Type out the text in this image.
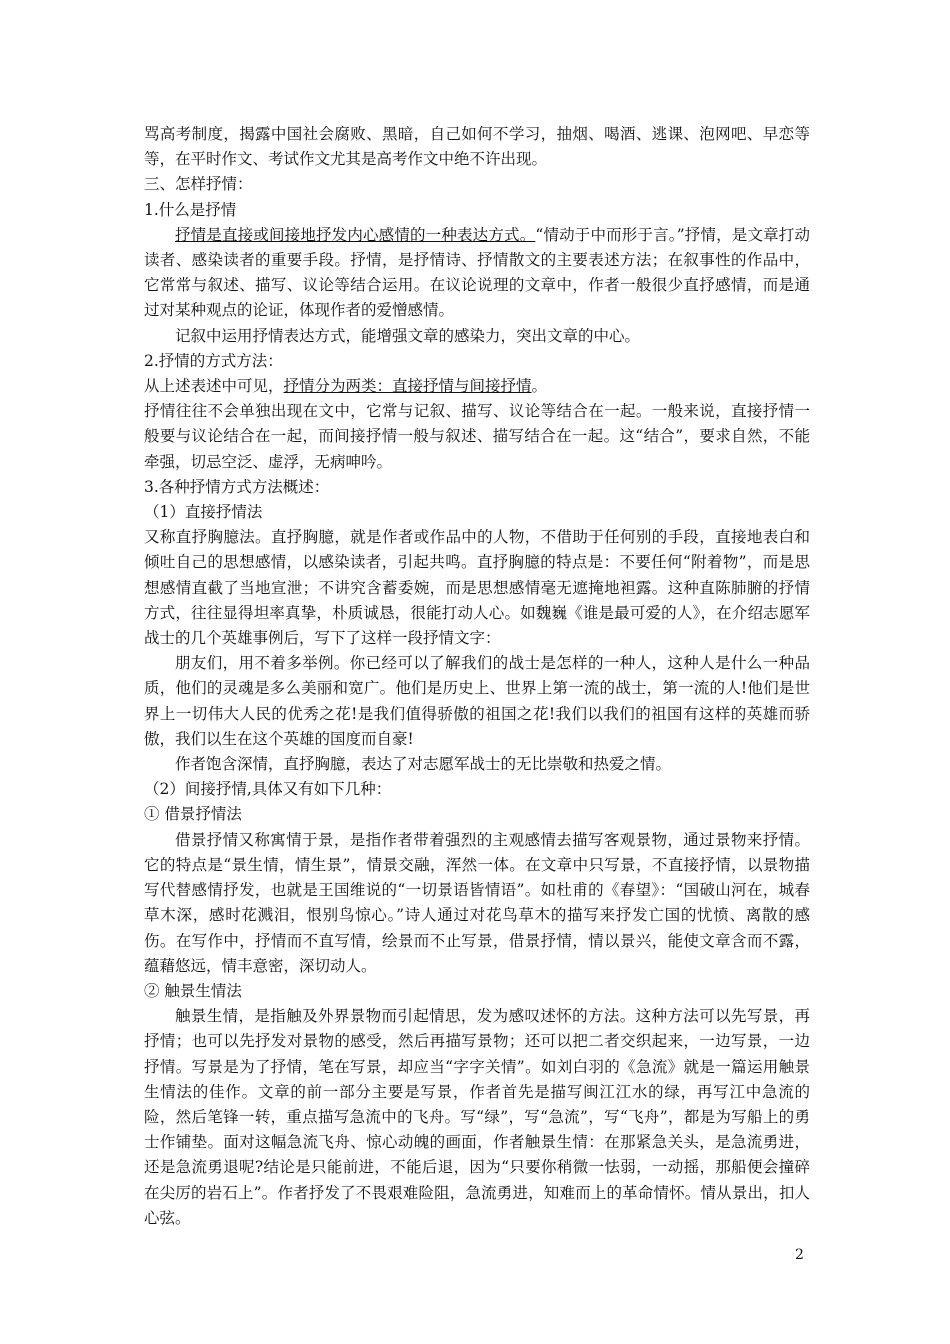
骂高考制度，揭露中国社会腐败、黑暗，自己如何不学习，抽烟、喝酒、逃课、泡网吧、早恋等等，在平时作文、考试作文尤其是高考作文中绝不许出现。

三、怎样抒情：

1.什么是抒情

抒情是直接或间接地抒发内心感情的一种表达方式。“情动于中而形于言。”抒情，是文章打动读者、感染读者的重要手段。抒情，是抒情诗、抒情散文的主要表述方法；在叙事性的作品中，它常常与叙述、描写、议论等结合运用。在议论说理的文章中，作者一般很少直抒感情，而是通过对某种观点的论证，体现作者的爱憎感情。

记叙中运用抒情表达方式，能增强文章的感染力，突出文章的中心。

2.抒情的方式方法：

从上述表述中可见，抒情分为两类：直接抒情与间接抒情。

抒情往往不会单独出现在文中，它常与记叙、描写、议论等结合在一起。一般来说，直接抒情一般要与议论结合在一起，而间接抒情一般与叙述、描写结合在一起。这“结合”，要求自然，不能牵强，切忌空泛、虚浮，无病呻吟。

3.各种抒情方式方法概述：

（1）直接抒情法

又称直抒胸臆法。直抒胸臆，就是作者或作品中的人物，不借助于任何别的手段，直接地表白和倾吐自己的思想感情，以感染读者，引起共鸣。直抒胸臆的特点是：不要任何“附着物”，而是思想感情直截了当地宣泄；不讲究含蓄委婉，而是思想感情毫无遮掩地袒露。这种直陈肺腑的抒情方式，往往显得坦率真挚，朴质诚恳，很能打动人心。如魏巍《谁是最可爱的人》，在介绍志愿军战士的几个英雄事例后，写下了这样一段抒情文字：

朋友们，用不着多举例。你已经可以了解我们的战士是怎样的一种人，这种人是什么一种品质，他们的灵魂是多么美丽和宽广。他们是历史上、世界上第一流的战士，第一流的人!他们是世界上一切伟大人民的优秀之花!是我们值得骄傲的祖国之花!我们以我们的祖国有这样的英雄而骄傲，我们以生在这个英雄的国度而自豪!

作者饱含深情，直抒胸臆，表达了对志愿军战士的无比崇敬和热爱之情。

（2）间接抒情,具体又有如下几种：

① 借景抒情法

借景抒情又称寓情于景，是指作者带着强烈的主观感情去描写客观景物，通过景物来抒情。它的特点是“景生情，情生景”，情景交融，浑然一体。在文章中只写景，不直接抒情，以景物描写代替感情抒发，也就是王国维说的“一切景语皆情语”。如杜甫的《春望》：“国破山河在，城春草木深，感时花溅泪，恨别鸟惊心。”诗人通过对花鸟草木的描写来抒发亡国的忧愤、离散的感伤。在写作中，抒情而不直写情，绘景而不止写景，借景抒情，情以景兴，能使文章含而不露，蕴藉悠远，情丰意密，深切动人。

② 触景生情法

触景生情，是指触及外界景物而引起情思，发为感叹述怀的方法。这种方法可以先写景，再抒情；也可以先抒发对景物的感受，然后再描写景物；还可以把二者交织起来，一边写景，一边抒情。写景是为了抒情，笔在写景，却应当“字字关情”。如刘白羽的《急流》就是一篇运用触景生情法的佳作。文章的前一部分主要是写景，作者首先是描写闽江江水的绿，再写江中急流的险，然后笔锋一转，重点描写急流中的飞舟。写“绿”，写“急流”，写“飞舟”，都是为写船上的勇士作铺垫。面对这幅急流飞舟、惊心动魄的画面，作者触景生情：在那紧急关头，是急流勇进，还是急流勇退呢?结论是只能前进，不能后退，因为“只要你稍微一怯弱，一动摇，那船便会撞碎在尖厉的岩石上”。作者抒发了不畏艰难险阻，急流勇进，知难而上的革命情怀。情从景出，扣人心弦。

2
